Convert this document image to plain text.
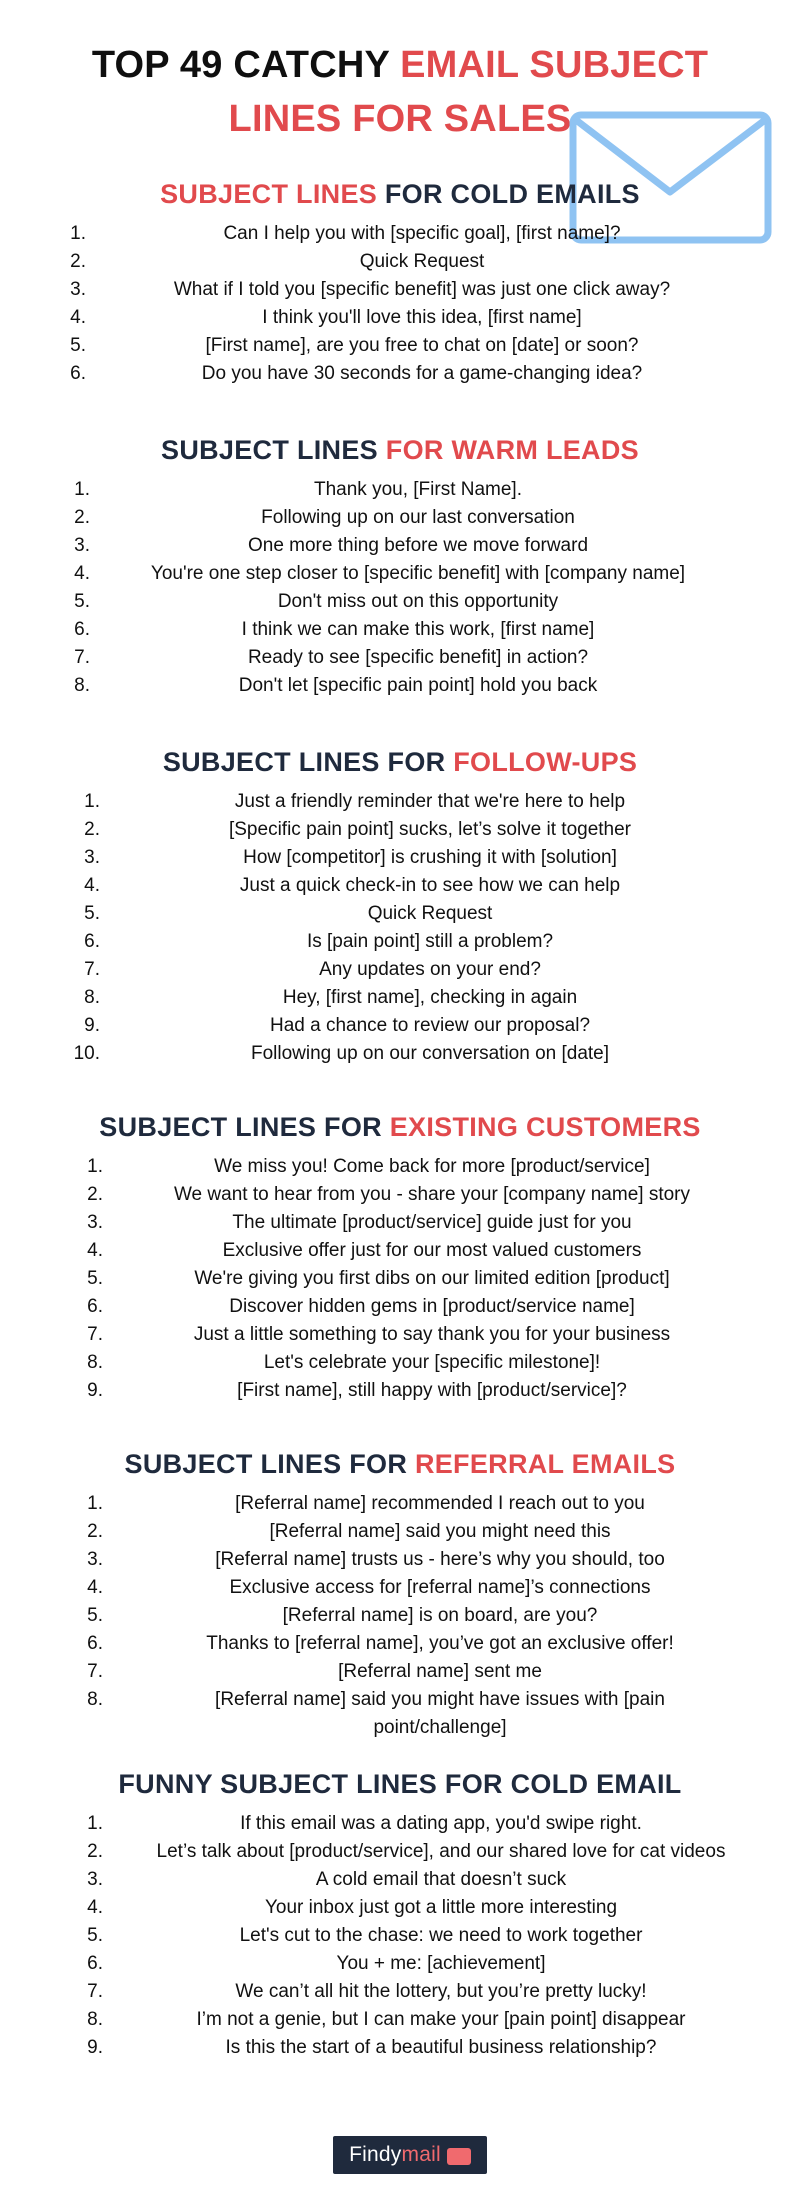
TOP 49 CATCHY EMAIL SUBJECT
LINES FOR SALES
SUBJECT LINES FOR COLD EMAILS
1.	Can I help you with [specific goal], [first name]?
2.	Quick Request
3.	What if I told you [specific benefit] was just one click away?
4.	I think you'll love this idea, [first name]
5.	[First name], are you free to chat on [date] or soon?
6.	Do you have 30 seconds for a game-changing idea?
SUBJECT LINES FOR WARM LEADS
1.	Thank you, [First Name].
2.	Following up on our last conversation
3.	One more thing before we move forward
4.	You're one step closer to [specific benefit] with [company name]
5.	Don't miss out on this opportunity
6.	I think we can make this work, [first name]
7.	Ready to see [specific benefit] in action?
8.	Don't let [specific pain point] hold you back
SUBJECT LINES FOR FOLLOW-UPS
1.	Just a friendly reminder that we're here to help
2.	[Specific pain point] sucks, let’s solve it together
3.	How [competitor] is crushing it with [solution]
4.	Just a quick check-in to see how we can help
5.	Quick Request
6.	Is [pain point] still a problem?
7.	Any updates on your end?
8.	Hey, [first name], checking in again
9.	Had a chance to review our proposal?
10.	Following up on our conversation on [date]
SUBJECT LINES FOR EXISTING CUSTOMERS
1.	We miss you! Come back for more [product/service]
2.	We want to hear from you - share your [company name] story
3.	The ultimate [product/service] guide just for you
4.	Exclusive offer just for our most valued customers
5.	We're giving you first dibs on our limited edition [product]
6.	Discover hidden gems in [product/service name]
7.	Just a little something to say thank you for your business
8.	Let's celebrate your [specific milestone]!
9.	[First name], still happy with [product/service]?
SUBJECT LINES FOR REFERRAL EMAILS
1.	[Referral name] recommended I reach out to you
2.	[Referral name] said you might need this
3.	[Referral name] trusts us - here’s why you should, too
4.	Exclusive access for [referral name]’s connections
5.	[Referral name] is on board, are you?
6.	Thanks to [referral name], you’ve got an exclusive offer!
7.	[Referral name] sent me
8.	[Referral name] said you might have issues with [pain point/challenge]
FUNNY SUBJECT LINES FOR COLD EMAIL
1.	If this email was a dating app, you'd swipe right.
2.	Let’s talk about [product/service], and our shared love for cat videos
3.	A cold email that doesn’t suck
4.	Your inbox just got a little more interesting
5.	Let's cut to the chase: we need to work together
6.	You + me: [achievement]
7.	We can’t all hit the lottery, but you’re pretty lucky!
8.	I’m not a genie, but I can make your [pain point] disappear
9.	Is this the start of a beautiful business relationship?
Findymail
